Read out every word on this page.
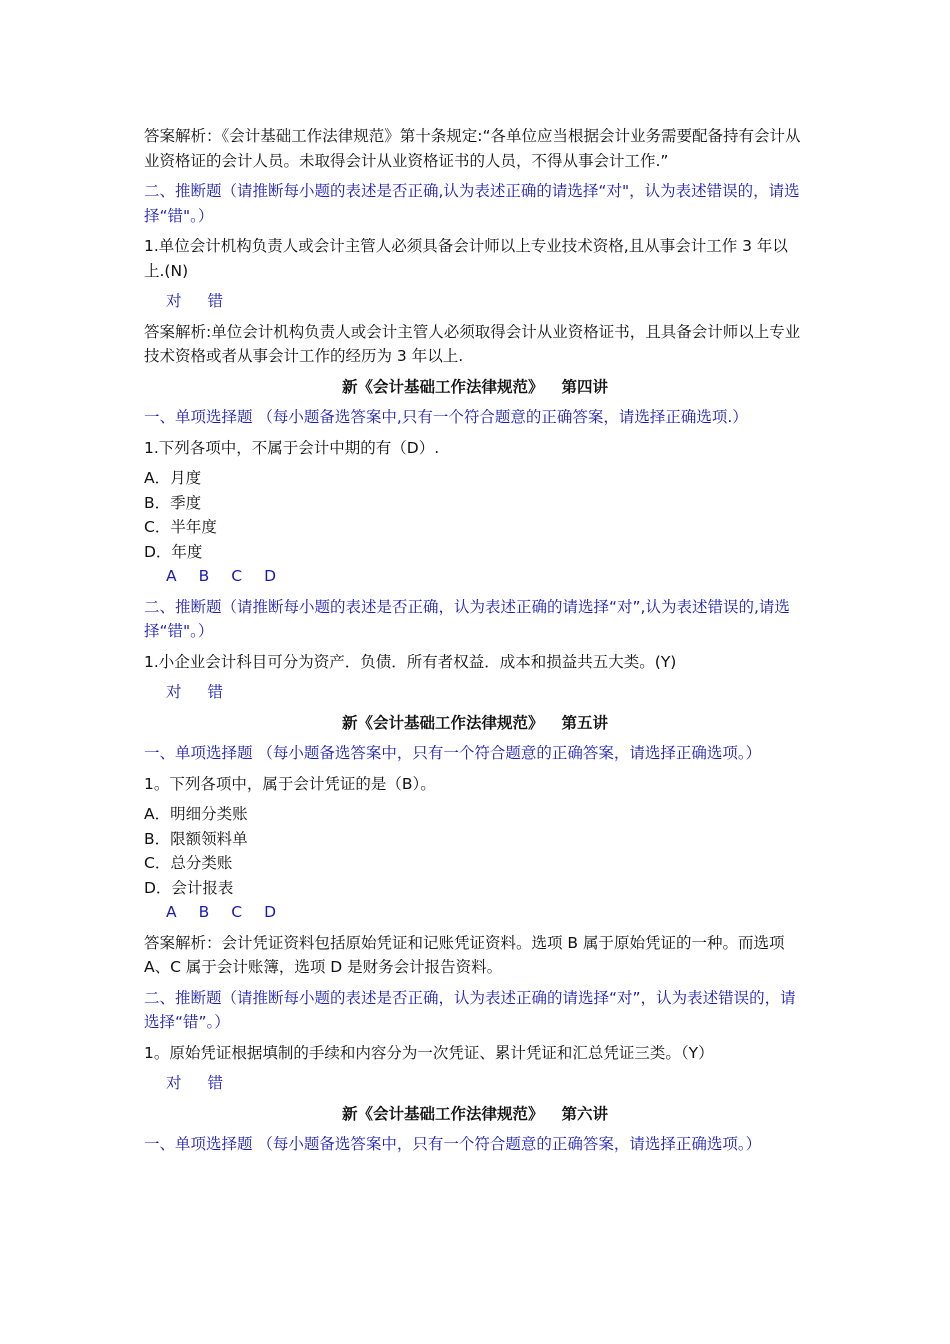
答案解析：《会计基础工作法律规范》第十条规定:“各单位应当根据会计业务需要配备持有会计从业资格证的会计人员。未取得会计从业资格证书的人员，不得从事会计工作.”
二、推断题（请推断每小题的表述是否正确,认为表述正确的请选择“对"，认为表述错误的，请选择“错"。）
1.单位会计机构负责人或会计主管人必须具备会计师以上专业技术资格,且从事会计工作 3 年以上.(N)
对 错
答案解析:单位会计机构负责人或会计主管人必须取得会计从业资格证书，且具备会计师以上专业技术资格或者从事会计工作的经历为 3 年以上.
新《会计基础工作法律规范》 第四讲
一、单项选择题 （每小题备选答案中,只有一个符合题意的正确答案，请选择正确选项.）
1.下列各项中，不属于会计中期的有（D）.
A．月度
B．季度
C．半年度
D．年度
A B C D
二、推断题（请推断每小题的表述是否正确，认为表述正确的请选择“对”,认为表述错误的,请选择“错"。）
1.小企业会计科目可分为资产．负债．所有者权益．成本和损益共五大类。(Y)
对 错
新《会计基础工作法律规范》 第五讲
一、单项选择题 （每小题备选答案中，只有一个符合题意的正确答案，请选择正确选项。）
1。下列各项中，属于会计凭证的是（B）。
A．明细分类账
B．限额领料单
C．总分类账
D．会计报表
A B C D
答案解析：会计凭证资料包括原始凭证和记账凭证资料。选项 B 属于原始凭证的一种。而选项 A、C 属于会计账簿，选项 D 是财务会计报告资料。
二、推断题（请推断每小题的表述是否正确，认为表述正确的请选择“对”，认为表述错误的，请选择“错”。）
1。原始凭证根据填制的手续和内容分为一次凭证、累计凭证和汇总凭证三类。（Y）
对 错
新《会计基础工作法律规范》 第六讲
一、单项选择题 （每小题备选答案中，只有一个符合题意的正确答案，请选择正确选项。）
